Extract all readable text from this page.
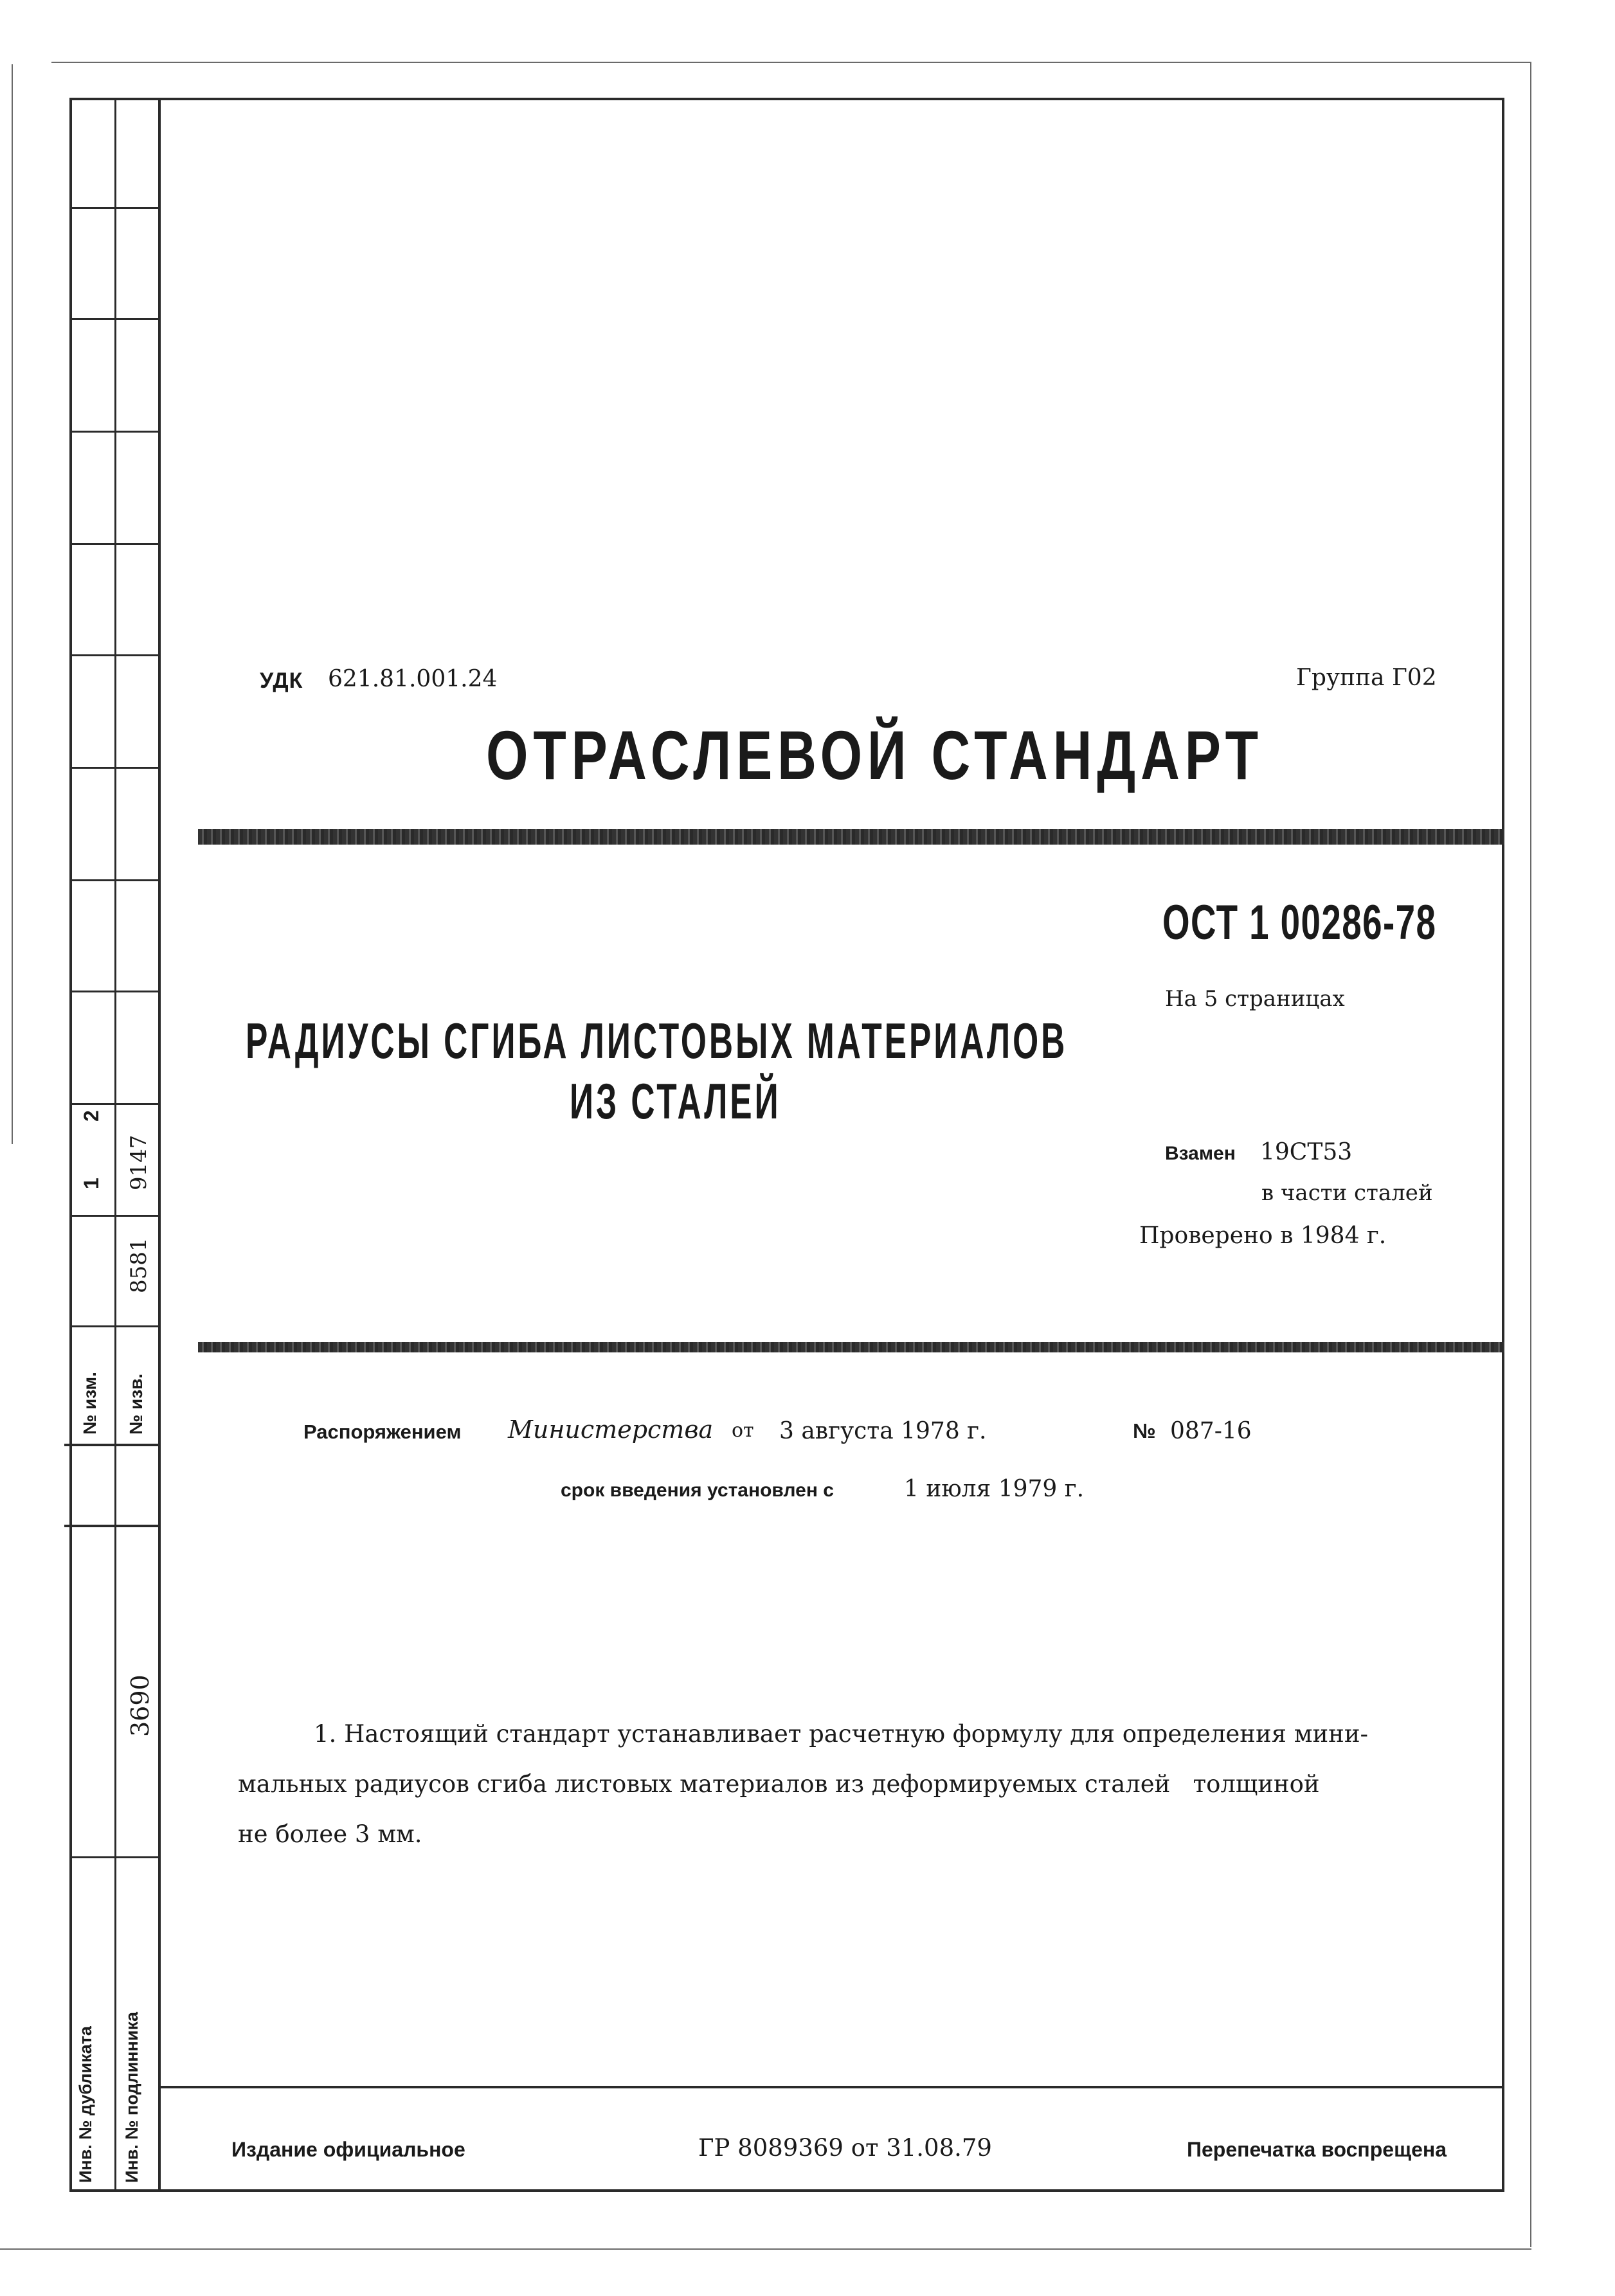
1
2
8581
9147
№ изм. № изв.
3690
Инв. № дубликата Инв. № подлинника
УДК 621.81.001.24	Группа Г02
ОТРАСЛЕВОЙ СТАНДАРТ
ОСТ 1 00286-78
На 5 страницах
РАДИУСЫ СГИБА ЛИСТОВЫХ МАТЕРИАЛОВ
ИЗ СТАЛЕЙ
Взамен 19СТ53
в части сталей
Проверено в 1984 г.
Распоряжением Министерства от 3 августа 1978 г.	№ 087-16
срок введения установлен с	1 июля 1979 г.
1. Настоящий стандарт устанавливает расчетную формулу для определения мини-
мальных радиусов сгиба листовых материалов из деформируемых сталей   толщиной
не более 3 мм.
Издание официальное	ГР 8089369 от 31.08.79	Перепечатка воспрещена
